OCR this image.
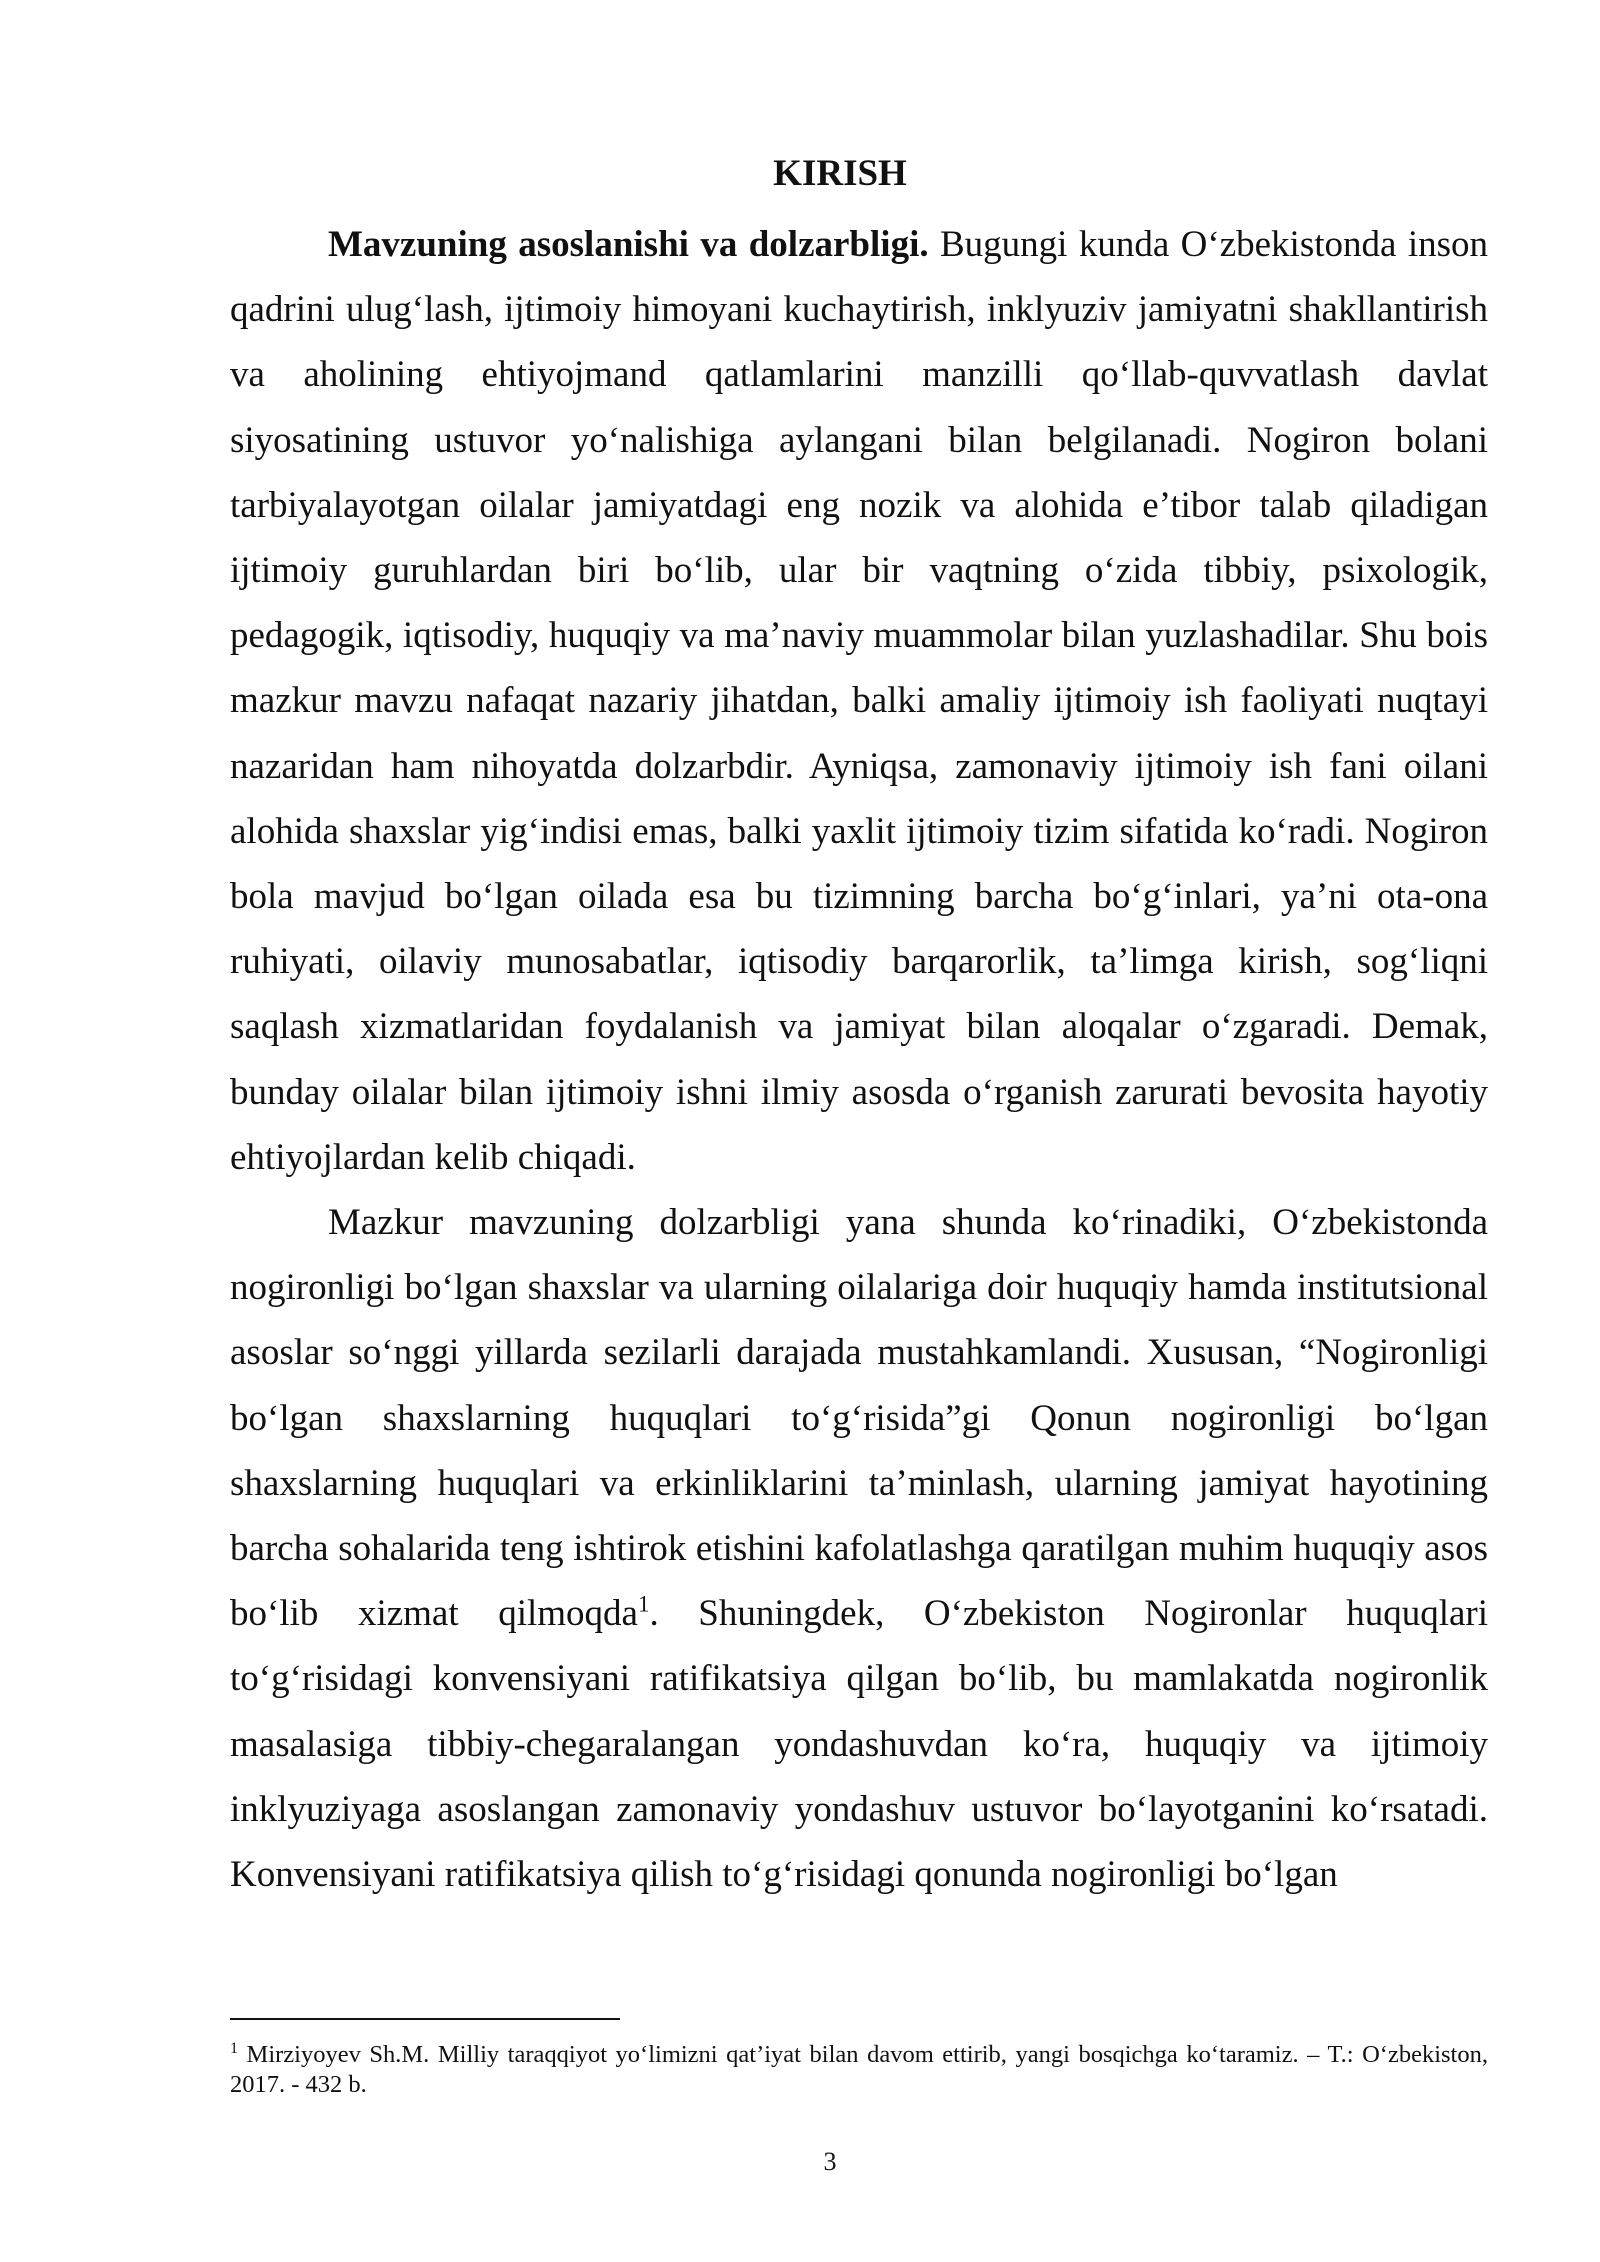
KIRISH

Mavzuning asoslanishi va dolzarbligi. Bugungi kunda O‘zbekistonda inson qadrini ulug‘lash, ijtimoiy himoyani kuchaytirish, inklyuziv jamiyatni shakllantirish va aholining ehtiyojmand qatlamlarini manzilli qo‘llab-quvvatlash davlat siyosatining ustuvor yo‘nalishiga aylangani bilan belgilanadi. Nogiron bolani tarbiyalayotgan oilalar jamiyatdagi eng nozik va alohida e’tibor talab qiladigan ijtimoiy guruhlardan biri bo‘lib, ular bir vaqtning o‘zida tibbiy, psixologik, pedagogik, iqtisodiy, huquqiy va ma’naviy muammolar bilan yuzlashadilar. Shu bois mazkur mavzu nafaqat nazariy jihatdan, balki amaliy ijtimoiy ish faoliyati nuqtayi nazaridan ham nihoyatda dolzarbdir. Ayniqsa, zamonaviy ijtimoiy ish fani oilani alohida shaxslar yig‘indisi emas, balki yaxlit ijtimoiy tizim sifatida ko‘radi. Nogiron bola mavjud bo‘lgan oilada esa bu tizimning barcha bo‘g‘inlari, ya’ni ota-ona ruhiyati, oilaviy munosabatlar, iqtisodiy barqarorlik, ta’limga kirish, sog‘liqni saqlash xizmatlaridan foydalanish va jamiyat bilan aloqalar o‘zgaradi. Demak, bunday oilalar bilan ijtimoiy ishni ilmiy asosda o‘rganish zarurati bevosita hayotiy ehtiyojlardan kelib chiqadi.

Mazkur mavzuning dolzarbligi yana shunda ko‘rinadiki, O‘zbekistonda nogironligi bo‘lgan shaxslar va ularning oilalariga doir huquqiy hamda institutsional asoslar so‘nggi yillarda sezilarli darajada mustahkamlandi. Xususan, “Nogironligi bo‘lgan shaxslarning huquqlari to‘g‘risida”gi Qonun nogironligi bo‘lgan shaxslarning huquqlari va erkinliklarini ta’minlash, ularning jamiyat hayotining barcha sohalarida teng ishtirok etishini kafolatlashga qaratilgan muhim huquqiy asos bo‘lib xizmat qilmoqda$^1$. Shuningdek, O‘zbekiston Nogironlar huquqlari to‘g‘risidagi konvensiyani ratifikatsiya qilgan bo‘lib, bu mamlakatda nogironlik masalasiga tibbiy-chegaralangan yondashuvdan ko‘ra, huquqiy va ijtimoiy inklyuziyaga asoslangan zamonaviy yondashuv ustuvor bo‘layotganini ko‘rsatadi. Konvensiyani ratifikatsiya qilish to‘g‘risidagi qonunda nogironligi bo‘lgan

$^1$ Mirziyoyev Sh.M. Milliy taraqqiyot yo‘limizni qat’iyat bilan davom ettirib, yangi bosqichga ko‘taramiz. – T.: O‘zbekiston, 2017. - 432 b.

3
